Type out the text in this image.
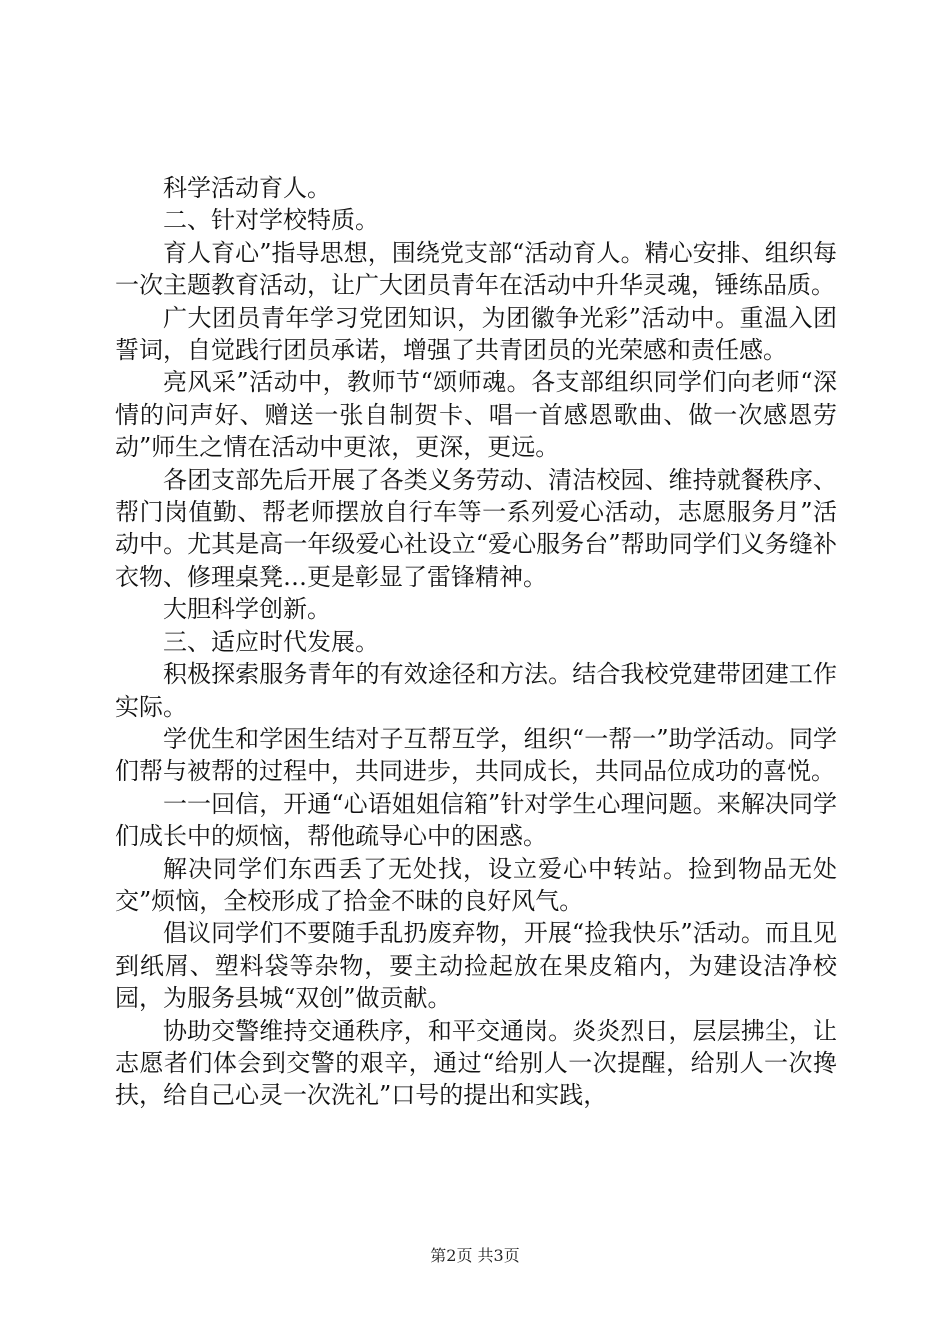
科学活动育人。

二、针对学校特质。

育人育心”指导思想，围绕党支部“活动育人。精心安排、组织每一次主题教育活动，让广大团员青年在活动中升华灵魂，锤练品质。

广大团员青年学习党团知识，为团徽争光彩”活动中。重温入团誓词，自觉践行团员承诺，增强了共青团员的光荣感和责任感。

亮风采”活动中，教师节“颂师魂。各支部组织同学们向老师“深情的问声好、赠送一张自制贺卡、唱一首感恩歌曲、做一次感恩劳动”师生之情在活动中更浓，更深，更远。

各团支部先后开展了各类义务劳动、清洁校园、维持就餐秩序、帮门岗值勤、帮老师摆放自行车等一系列爱心活动，志愿服务月”活动中。尤其是高一年级爱心社设立“爱心服务台”帮助同学们义务缝补衣物、修理桌凳…更是彰显了雷锋精神。

大胆科学创新。

三、适应时代发展。

积极探索服务青年的有效途径和方法。结合我校党建带团建工作实际。

学优生和学困生结对子互帮互学，组织“一帮一”助学活动。同学们帮与被帮的过程中，共同进步，共同成长，共同品位成功的喜悦。

一一回信，开通“心语姐姐信箱”针对学生心理问题。来解决同学们成长中的烦恼，帮他疏导心中的困惑。

解决同学们东西丢了无处找，设立爱心中转站。捡到物品无处交”烦恼，全校形成了拾金不昧的良好风气。

倡议同学们不要随手乱扔废弃物，开展“捡我快乐”活动。而且见到纸屑、塑料袋等杂物，要主动捡起放在果皮箱内，为建设洁净校园，为服务县城“双创”做贡献。

协助交警维持交通秩序，和平交通岗。炎炎烈日，层层拂尘，让志愿者们体会到交警的艰辛，通过“给别人一次提醒，给别人一次搀扶，给自己心灵一次洗礼”口号的提出和实践，

第2页 共3页
